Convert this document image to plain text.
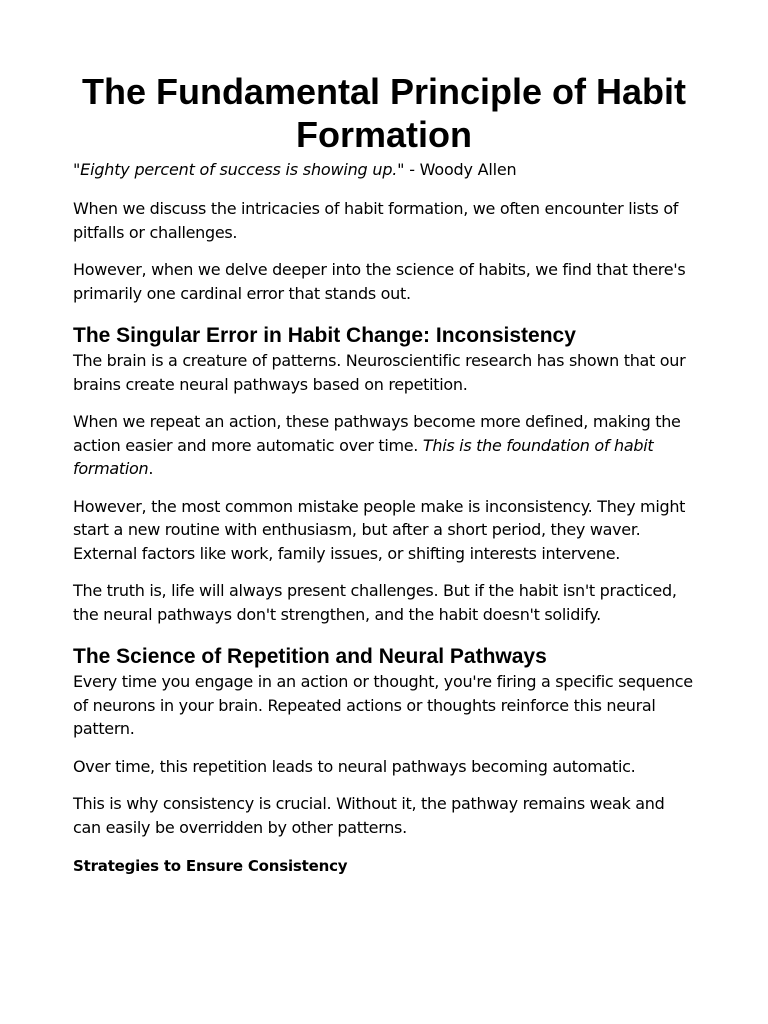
The Fundamental Principle of Habit Formation
"Eighty percent of success is showing up." - Woody Allen

When we discuss the intricacies of habit formation, we often encounter lists of pitfalls or challenges.

However, when we delve deeper into the science of habits, we find that there's primarily one cardinal error that stands out.

The Singular Error in Habit Change: Inconsistency

The brain is a creature of patterns. Neuroscientific research has shown that our brains create neural pathways based on repetition.

When we repeat an action, these pathways become more defined, making the action easier and more automatic over time. This is the foundation of habit formation.

However, the most common mistake people make is inconsistency. They might start a new routine with enthusiasm, but after a short period, they waver. External factors like work, family issues, or shifting interests intervene.

The truth is, life will always present challenges. But if the habit isn't practiced, the neural pathways don't strengthen, and the habit doesn't solidify.

The Science of Repetition and Neural Pathways

Every time you engage in an action or thought, you're firing a specific sequence of neurons in your brain. Repeated actions or thoughts reinforce this neural pattern.

Over time, this repetition leads to neural pathways becoming automatic.

This is why consistency is crucial. Without it, the pathway remains weak and can easily be overridden by other patterns.

Strategies to Ensure Consistency
